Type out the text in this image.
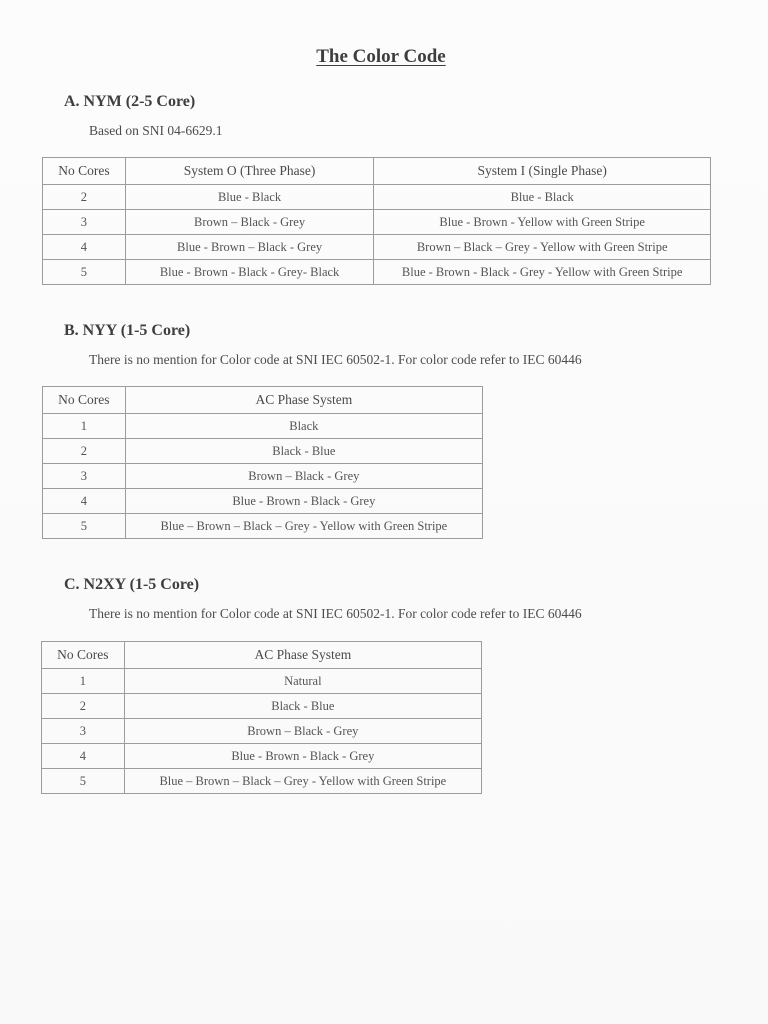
The Color Code
A. NYM (2-5 Core)
Based on SNI 04-6629.1
No Cores	System O (Three Phase)	System I (Single Phase)
2	Blue - Black	Blue - Black
3	Brown – Black - Grey	Blue - Brown - Yellow with Green Stripe
4	Blue - Brown – Black - Grey	Brown – Black – Grey - Yellow with Green Stripe
5	Blue - Brown - Black - Grey- Black	Blue - Brown - Black - Grey - Yellow with Green Stripe
B. NYY (1-5 Core)
There is no mention for Color code at SNI IEC 60502-1. For color code refer to IEC 60446
No Cores	AC Phase System
1	Black
2	Black - Blue
3	Brown – Black - Grey
4	Blue - Brown - Black - Grey
5	Blue – Brown – Black – Grey - Yellow with Green Stripe
C. N2XY (1-5 Core)
There is no mention for Color code at SNI IEC 60502-1. For color code refer to IEC 60446
No Cores	AC Phase System
1	Natural
2	Black - Blue
3	Brown – Black - Grey
4	Blue - Brown - Black - Grey
5	Blue – Brown – Black – Grey - Yellow with Green Stripe
